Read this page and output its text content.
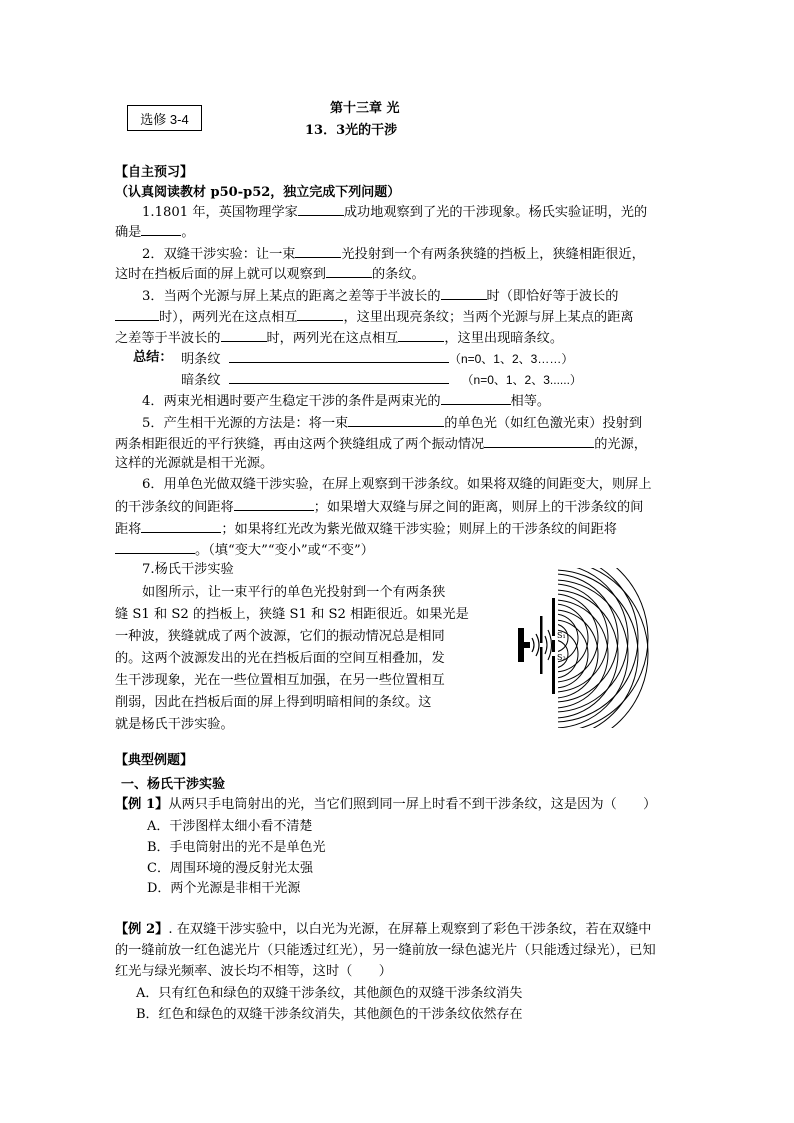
选修 3-4
第十三章 光
13．3光的干涉
【自主预习】
（认真阅读教材 p50-p52，独立完成下列问题）
1.1801 年，英国物理学家	成功地观察到了光的干涉现象。杨氏实验证明，光的
确是	。
2．双缝干涉实验：让一束	光投射到一个有两条狭缝的挡板上，狭缝相距很近，
这时在挡板后面的屏上就可以观察到	的条纹。
3．当两个光源与屏上某点的距离之差等于半波长的	时（即恰好等于波长的
时），两列光在这点相互	，这里出现亮条纹；当两个光源与屏上某点的距离
之差等于半波长的	时，两列光在这点相互	，这里出现暗条纹。
总结： 明条纹	（n=0、1、2、3……）
暗条纹	（n=0、1、2、3......）
4．两束光相遇时要产生稳定干涉的条件是两束光的	相等。
5．产生相干光源的方法是：将一束	的单色光（如红色激光束）投射到
两条相距很近的平行狭缝，再由这两个狭缝组成了两个振动情况	的光源，
这样的光源就是相干光源。
6．用单色光做双缝干涉实验，在屏上观察到干涉条纹。如果将双缝的间距变大，则屏上
的干涉条纹的间距将	；如果增大双缝与屏之间的距离，则屏上的干涉条纹的间
距将	；如果将红光改为紫光做双缝干涉实验；则屏上的干涉条纹的间距将
。（填“变大”“变小”或“不变”）
7.杨氏干涉实验
如图所示，让一束平行的单色光投射到一个有两条狭
缝 S1 和 S2 的挡板上，狭缝 S1 和 S2 相距很近。如果光是
一种波，狭缝就成了两个波源，它们的振动情况总是相同
的。这两个波源发出的光在挡板后面的空间互相叠加，发
生干涉现象，光在一些位置相互加强，在另一些位置相互
削弱，因此在挡板后面的屏上得到明暗相间的条纹。这
就是杨氏干涉实验。
S₁
S₂
【典型例题】
一、杨氏干涉实验
【例 1】从两只手电筒射出的光，当它们照到同一屏上时看不到干涉条纹，这是因为（　　）
A．干涉图样太细小看不清楚
B．手电筒射出的光不是单色光
C．周围环境的漫反射光太强
D．两个光源是非相干光源
【例 2】. 在双缝干涉实验中，以白光为光源，在屏幕上观察到了彩色干涉条纹，若在双缝中
的一缝前放一红色滤光片（只能透过红光），另一缝前放一绿色滤光片（只能透过绿光），已知
红光与绿光频率、波长均不相等，这时（　　）
A．只有红色和绿色的双缝干涉条纹，其他颜色的双缝干涉条纹消失
B．红色和绿色的双缝干涉条纹消失，其他颜色的干涉条纹依然存在
